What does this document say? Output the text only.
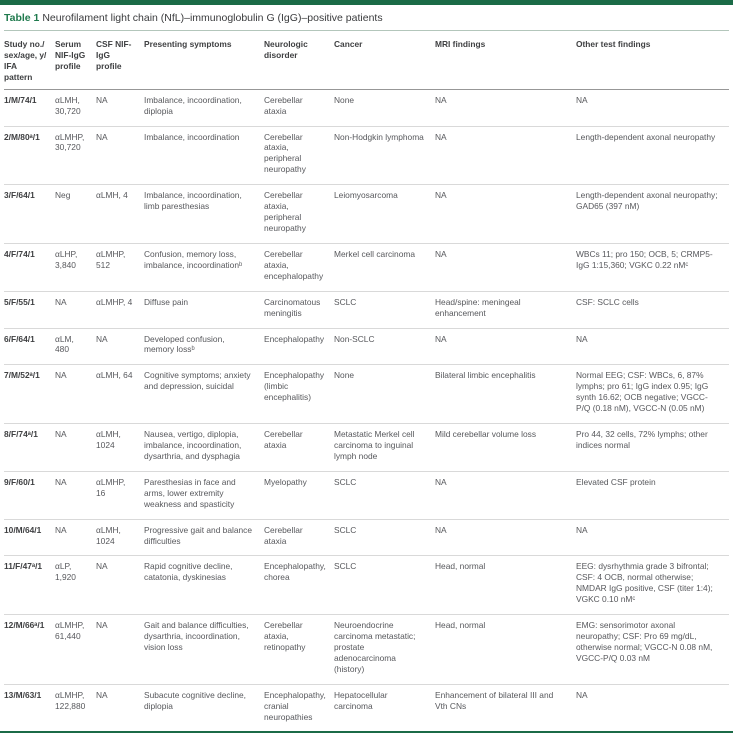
Table 1 Neurofilament light chain (NfL)–immunoglobulin G (IgG)–positive patients
Study no./ sex/age, y/ IFA pattern	Serum NIF-IgG profile	CSF NIF-IgG profile	Presenting symptoms	Neurologic disorder	Cancer	MRI findings	Other test findings
1/M/74/1	αLMH, 30,720	NA	Imbalance, incoordination, diplopia	Cerebellar ataxia	None	NA	NA
2/M/80ᵃ/1	αLMHP, 30,720	NA	Imbalance, incoordination	Cerebellar ataxia, peripheral neuropathy	Non-Hodgkin lymphoma	NA	Length-dependent axonal neuropathy
3/F/64/1	Neg	αLMH, 4	Imbalance, incoordination, limb paresthesias	Cerebellar ataxia, peripheral neuropathy	Leiomyosarcoma	NA	Length-dependent axonal neuropathy; GAD65 (397 nM)
4/F/74/1	αLHP, 3,840	αLMHP, 512	Confusion, memory loss, imbalance, incoordinationᵇ	Cerebellar ataxia, encephalopathy	Merkel cell carcinoma	NA	WBCs 11; pro 150; OCB, 5; CRMP5-IgG 1:15,360; VGKC 0.22 nMᶜ
5/F/55/1	NA	αLMHP, 4	Diffuse pain	Carcinomatous meningitis	SCLC	Head/spine: meningeal enhancement	CSF: SCLC cells
6/F/64/1	αLM, 480	NA	Developed confusion, memory lossᵇ	Encephalopathy	Non-SCLC	NA	NA
7/M/52ᵃ/1	NA	αLMH, 64	Cognitive symptoms; anxiety and depression, suicidal	Encephalopathy (limbic encephalitis)	None	Bilateral limbic encephalitis	Normal EEG; CSF: WBCs, 6, 87% lymphs; pro 61; IgG index 0.95; IgG synth 16.62; OCB negative; VGCC-P/Q (0.18 nM), VGCC-N (0.05 nM)
8/F/74ᵃ/1	NA	αLMH, 1024	Nausea, vertigo, diplopia, imbalance, incoordination, dysarthria, and dysphagia	Cerebellar ataxia	Metastatic Merkel cell carcinoma to inguinal lymph node	Mild cerebellar volume loss	Pro 44, 32 cells, 72% lymphs; other indices normal
9/F/60/1	NA	αLMHP, 16	Paresthesias in face and arms, lower extremity weakness and spasticity	Myelopathy	SCLC	NA	Elevated CSF protein
10/M/64/1	NA	αLMH, 1024	Progressive gait and balance difficulties	Cerebellar ataxia	SCLC	NA	NA
11/F/47ᵃ/1	αLP, 1,920	NA	Rapid cognitive decline, catatonia, dyskinesias	Encephalopathy, chorea	SCLC	Head, normal	EEG: dysrhythmia grade 3 bifrontal; CSF: 4 OCB, normal otherwise; NMDAR IgG positive, CSF (titer 1:4); VGKC 0.10 nMᶜ
12/M/66ᵃ/1	αLMHP, 61,440	NA	Gait and balance difficulties, dysarthria, incoordination, vision loss	Cerebellar ataxia, retinopathy	Neuroendocrine carcinoma metastatic; prostate adenocarcinoma (history)	Head, normal	EMG: sensorimotor axonal neuropathy; CSF: Pro 69 mg/dL, otherwise normal; VGCC-N 0.08 nM, VGCC-P/Q 0.03 nM
13/M/63/1	αLMHP, 122,880	NA	Subacute cognitive decline, diplopia	Encephalopathy, cranial neuropathies	Hepatocellular carcinoma	Enhancement of bilateral III and Vth CNs	NA
